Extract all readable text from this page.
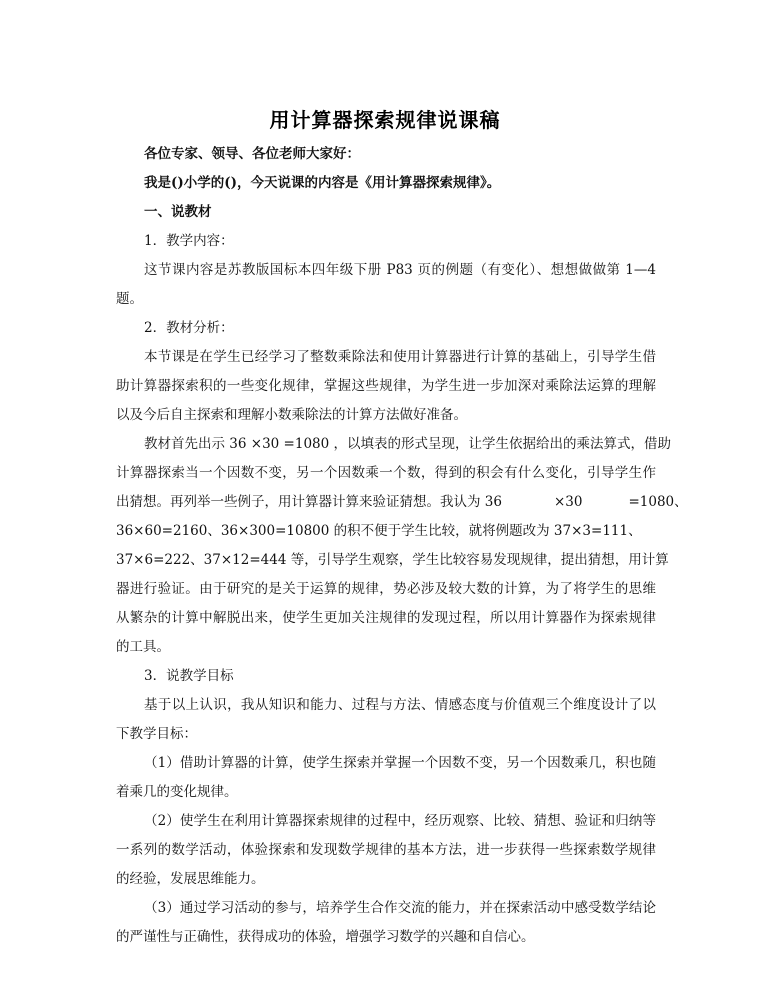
用计算器探索规律说课稿
各位专家、领导、各位老师大家好：
我是()小学的()，今天说课的内容是《用计算器探索规律》。
一、说教材
1．教学内容：
这节课内容是苏教版国标本四年级下册 P83 页的例题（有变化）、想想做做第 1—4
题。
2．教材分析：
本节课是在学生已经学习了整数乘除法和使用计算器进行计算的基础上，引导学生借
助计算器探索积的一些变化规律，掌握这些规律，为学生进一步加深对乘除法运算的理解
以及今后自主探索和理解小数乘除法的计算方法做好准备。
教材首先出示 36 ×30 =1080 ，以填表的形式呈现，让学生依据给出的乘法算式，借助
计算器探索当一个因数不变，另一个因数乘一个数，得到的积会有什么变化，引导学生作
出猜想。再列举一些例子，用计算器计算来验证猜想。我认为 36	×30	=1080、
36×60=2160、36×300=10800 的积不便于学生比较，就将例题改为 37×3=111、
37×6=222、37×12=444 等，引导学生观察，学生比较容易发现规律，提出猜想，用计算
器进行验证。由于研究的是关于运算的规律，势必涉及较大数的计算，为了将学生的思维
从繁杂的计算中解脱出来，使学生更加关注规律的发现过程，所以用计算器作为探索规律
的工具。
3．说教学目标
基于以上认识，我从知识和能力、过程与方法、情感态度与价值观三个维度设计了以
下教学目标：
（1）借助计算器的计算，使学生探索并掌握一个因数不变，另一个因数乘几，积也随
着乘几的变化规律。
（2）使学生在利用计算器探索规律的过程中，经历观察、比较、猜想、验证和归纳等
一系列的数学活动，体验探索和发现数学规律的基本方法，进一步获得一些探索数学规律
的经验，发展思维能力。
（3）通过学习活动的参与，培养学生合作交流的能力，并在探索活动中感受数学结论
的严谨性与正确性，获得成功的体验，增强学习数学的兴趣和自信心。
